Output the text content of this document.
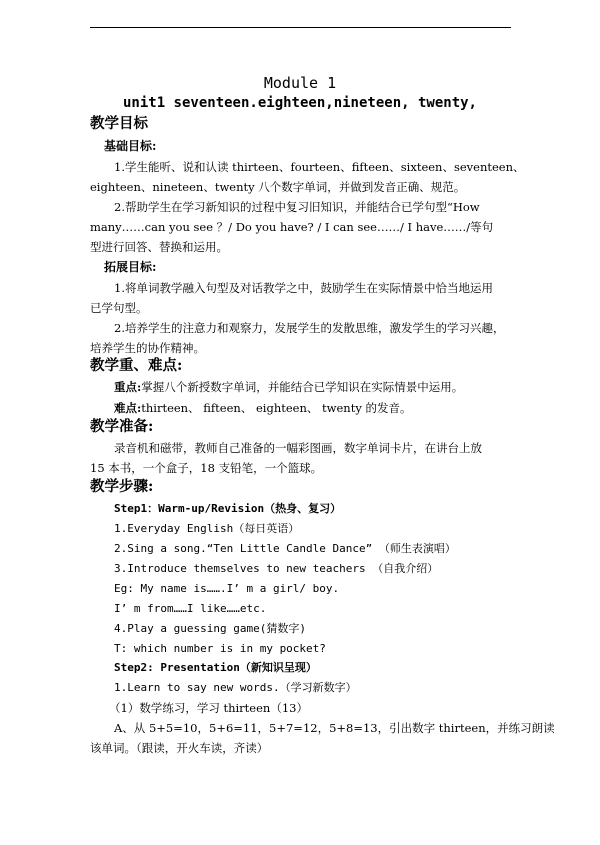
Module 1
unit1 seventeen.eighteen,nineteen, twenty,
教学目标
基础目标:
1.学生能听、说和认读 thirteen、fourteen、fifteen、sixteen、seventeen、
eighteen、nineteen、twenty 八个数字单词，并做到发音正确、规范。
2.帮助学生在学习新知识的过程中复习旧知识，并能结合已学句型“How
many……can you see ？/ Do you have? / I can see……/ I have……/等句
型进行回答、替换和运用。
拓展目标:
1.将单词教学融入句型及对话教学之中，鼓励学生在实际情景中恰当地运用
已学句型。
2.培养学生的注意力和观察力，发展学生的发散思维，激发学生的学习兴趣，
培养学生的协作精神。
教学重、难点:
重点:掌握八个新授数字单词，并能结合已学知识在实际情景中运用。
难点:thirteen、 fifteen、 eighteen、 twenty 的发音。
教学准备:
录音机和磁带，教师自己准备的一幅彩图画，数字单词卡片，在讲台上放
15 本书，一个盒子，18 支铅笔，一个篮球。
教学步骤:
Step1：Warm-up/Revision（热身、复习）
1.Everyday English（每日英语）
2.Sing a song.“Ten Little Candle Dance” （师生表演唱）
3.Introduce themselves to new teachers （自我介绍）
Eg: My name is…….I’ m a girl/ boy.
I’ m from……I like……etc.
4.Play a guessing game(猜数字)
T: which number is in my pocket?
Step2: Presentation（新知识呈现）
1.Learn to say new words.（学习新数字）
（1）数学练习，学习 thirteen（13）
A、从 5+5=10，5+6=11，5+7=12，5+8=13，引出数字 thirteen，并练习朗读
该单词。（跟读，开火车读，齐读）
